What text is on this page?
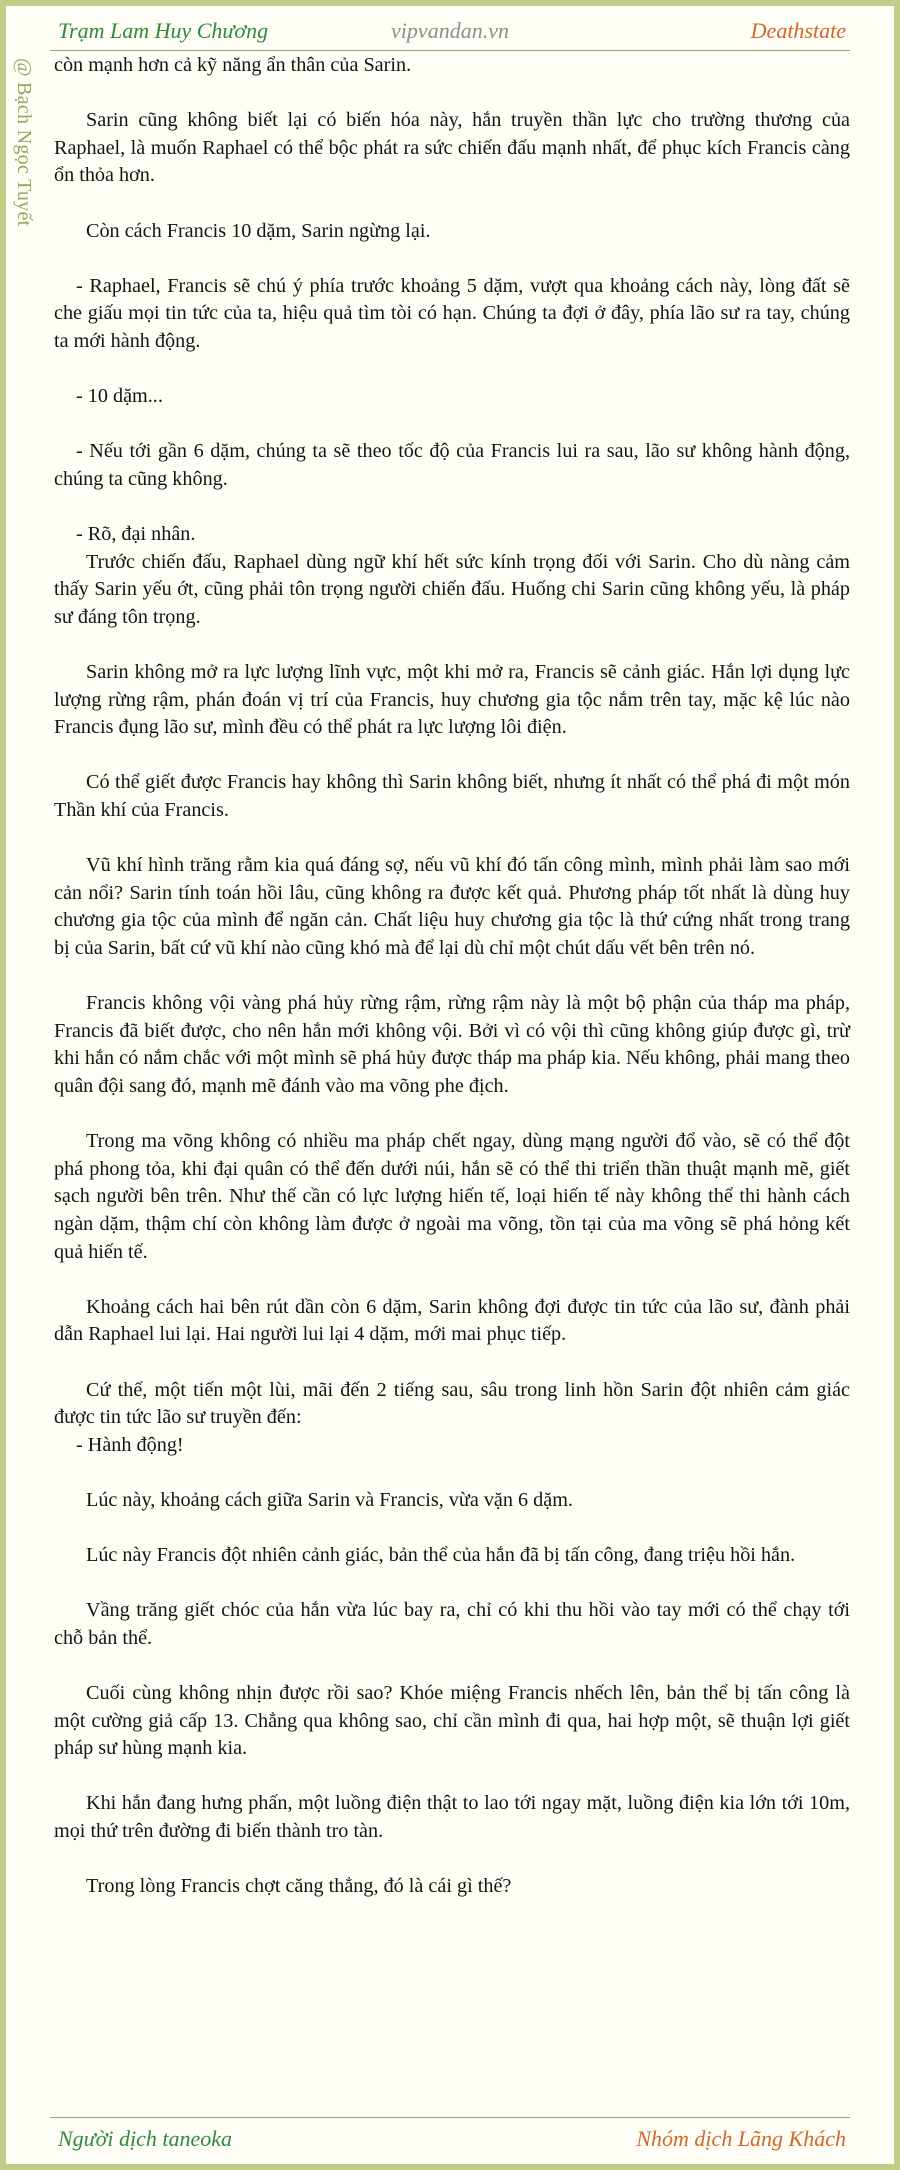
Trạm Lam Huy Chương	vipvandan.vn	Deathstate
@ Bạch Ngọc Tuyết còn mạnh hơn cả kỹ năng ẩn thân của Sarin.

Sarin cũng không biết lại có biến hóa này, hắn truyền thần lực cho trường thương của Raphael, là muốn Raphael có thể bộc phát ra sức chiến đấu mạnh nhất, để phục kích Francis càng ổn thỏa hơn.

Còn cách Francis 10 dặm, Sarin ngừng lại.

- Raphael, Francis sẽ chú ý phía trước khoảng 5 dặm, vượt qua khoảng cách này, lòng đất sẽ che giấu mọi tin tức của ta, hiệu quả tìm tòi có hạn. Chúng ta đợi ở đây, phía lão sư ra tay, chúng ta mới hành động.

- 10 dặm...

- Nếu tới gần 6 dặm, chúng ta sẽ theo tốc độ của Francis lui ra sau, lão sư không hành động, chúng ta cũng không.

- Rõ, đại nhân.

Trước chiến đấu, Raphael dùng ngữ khí hết sức kính trọng đối với Sarin. Cho dù nàng cảm thấy Sarin yếu ớt, cũng phải tôn trọng người chiến đấu. Huống chi Sarin cũng không yếu, là pháp sư đáng tôn trọng.

Sarin không mở ra lực lượng lĩnh vực, một khi mở ra, Francis sẽ cảnh giác. Hắn lợi dụng lực lượng rừng rậm, phán đoán vị trí của Francis, huy chương gia tộc nắm trên tay, mặc kệ lúc nào Francis đụng lão sư, mình đều có thể phát ra lực lượng lôi điện.

Có thể giết được Francis hay không thì Sarin không biết, nhưng ít nhất có thể phá đi một món Thần khí của Francis.

Vũ khí hình trăng rằm kia quá đáng sợ, nếu vũ khí đó tấn công mình, mình phải làm sao mới cản nổi? Sarin tính toán hồi lâu, cũng không ra được kết quả. Phương pháp tốt nhất là dùng huy chương gia tộc của mình để ngăn cản. Chất liệu huy chương gia tộc là thứ cứng nhất trong trang bị của Sarin, bất cứ vũ khí nào cũng khó mà để lại dù chỉ một chút dấu vết bên trên nó.

Francis không vội vàng phá hủy rừng rậm, rừng rậm này là một bộ phận của tháp ma pháp, Francis đã biết được, cho nên hắn mới không vội. Bởi vì có vội thì cũng không giúp được gì, trừ khi hắn có nắm chắc với một mình sẽ phá hủy được tháp ma pháp kia. Nếu không, phải mang theo quân đội sang đó, mạnh mẽ đánh vào ma võng phe địch.

Trong ma võng không có nhiều ma pháp chết ngay, dùng mạng người đổ vào, sẽ có thể đột phá phong tỏa, khi đại quân có thể đến dưới núi, hắn sẽ có thể thi triển thần thuật mạnh mẽ, giết sạch người bên trên. Như thế cần có lực lượng hiến tế, loại hiến tế này không thể thi hành cách ngàn dặm, thậm chí còn không làm được ở ngoài ma võng, tồn tại của ma võng sẽ phá hỏng kết quả hiến tế.

Khoảng cách hai bên rút dần còn 6 dặm, Sarin không đợi được tin tức của lão sư, đành phải dẫn Raphael lui lại. Hai người lui lại 4 dặm, mới mai phục tiếp.

Cứ thế, một tiến một lùi, mãi đến 2 tiếng sau, sâu trong linh hồn Sarin đột nhiên cảm giác được tin tức lão sư truyền đến:

- Hành động!

Lúc này, khoảng cách giữa Sarin và Francis, vừa vặn 6 dặm.

Lúc này Francis đột nhiên cảnh giác, bản thể của hắn đã bị tấn công, đang triệu hồi hắn.

Vầng trăng giết chóc của hắn vừa lúc bay ra, chỉ có khi thu hồi vào tay mới có thể chạy tới chỗ bản thể.

Cuối cùng không nhịn được rồi sao? Khóe miệng Francis nhếch lên, bản thể bị tấn công là một cường giả cấp 13. Chẳng qua không sao, chỉ cần mình đi qua, hai hợp một, sẽ thuận lợi giết pháp sư hùng mạnh kia.

Khi hắn đang hưng phấn, một luồng điện thật to lao tới ngay mặt, luồng điện kia lớn tới 10m, mọi thứ trên đường đi biến thành tro tàn.

Trong lòng Francis chợt căng thẳng, đó là cái gì thế?

Người dịch taneoka	Nhóm dịch Lãng Khách
